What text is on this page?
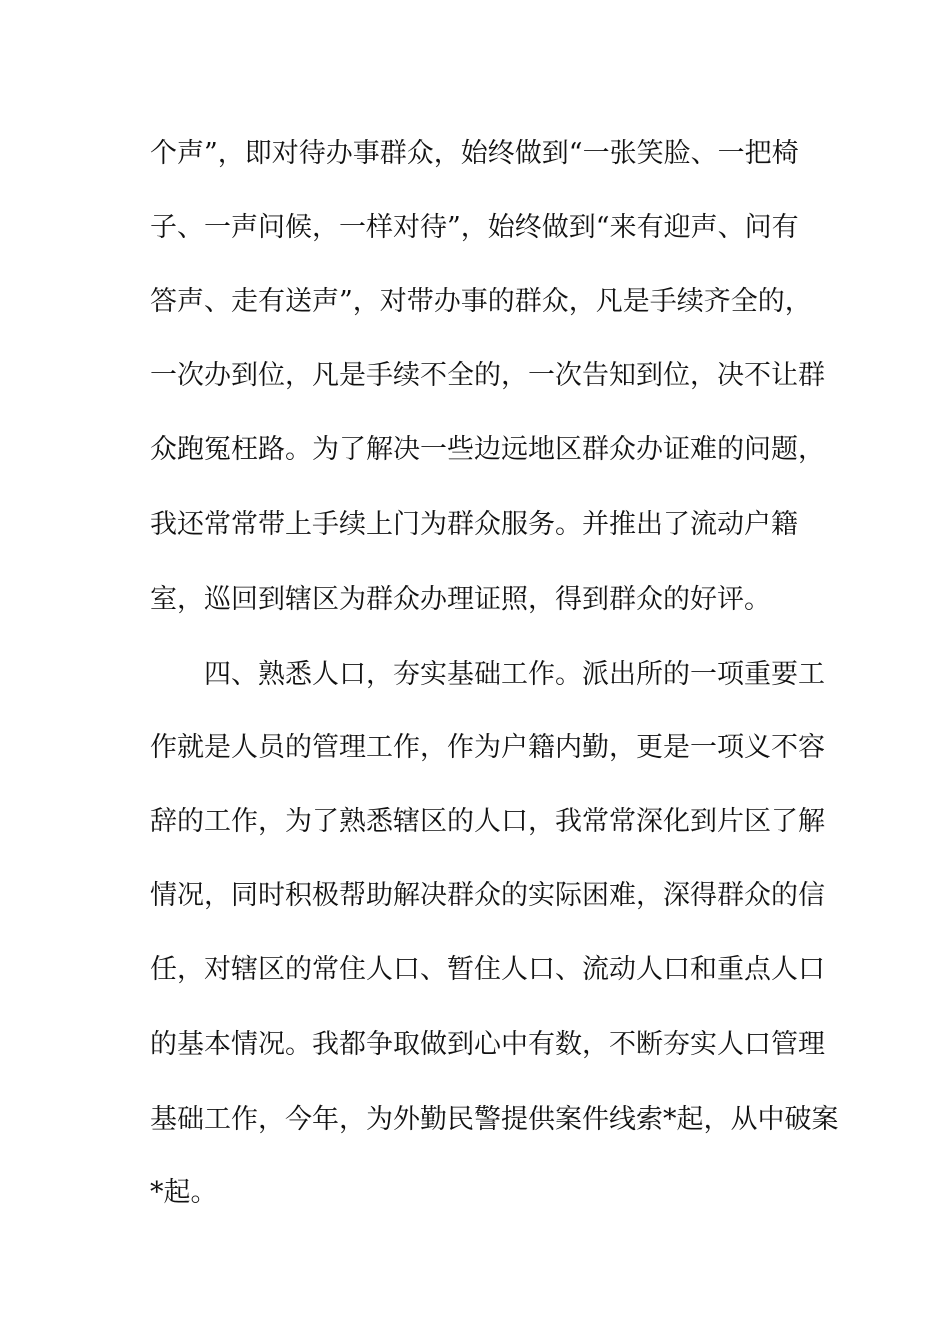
个声”，即对待办事群众，始终做到“一张笑脸、一把椅
子、一声问候，一样对待”，始终做到“来有迎声、问有
答声、走有送声”，对带办事的群众，凡是手续齐全的，
一次办到位，凡是手续不全的，一次告知到位，决不让群
众跑冤枉路。为了解决一些边远地区群众办证难的问题，
我还常常带上手续上门为群众服务。并推出了流动户籍
室，巡回到辖区为群众办理证照，得到群众的好评。
四、熟悉人口，夯实基础工作。派出所的一项重要工
作就是人员的管理工作，作为户籍内勤，更是一项义不容
辞的工作，为了熟悉辖区的人口，我常常深化到片区了解
情况，同时积极帮助解决群众的实际困难，深得群众的信
任，对辖区的常住人口、暂住人口、流动人口和重点人口
的基本情况。我都争取做到心中有数，不断夯实人口管理
基础工作，今年，为外勤民警提供案件线索*起，从中破案
*起。
